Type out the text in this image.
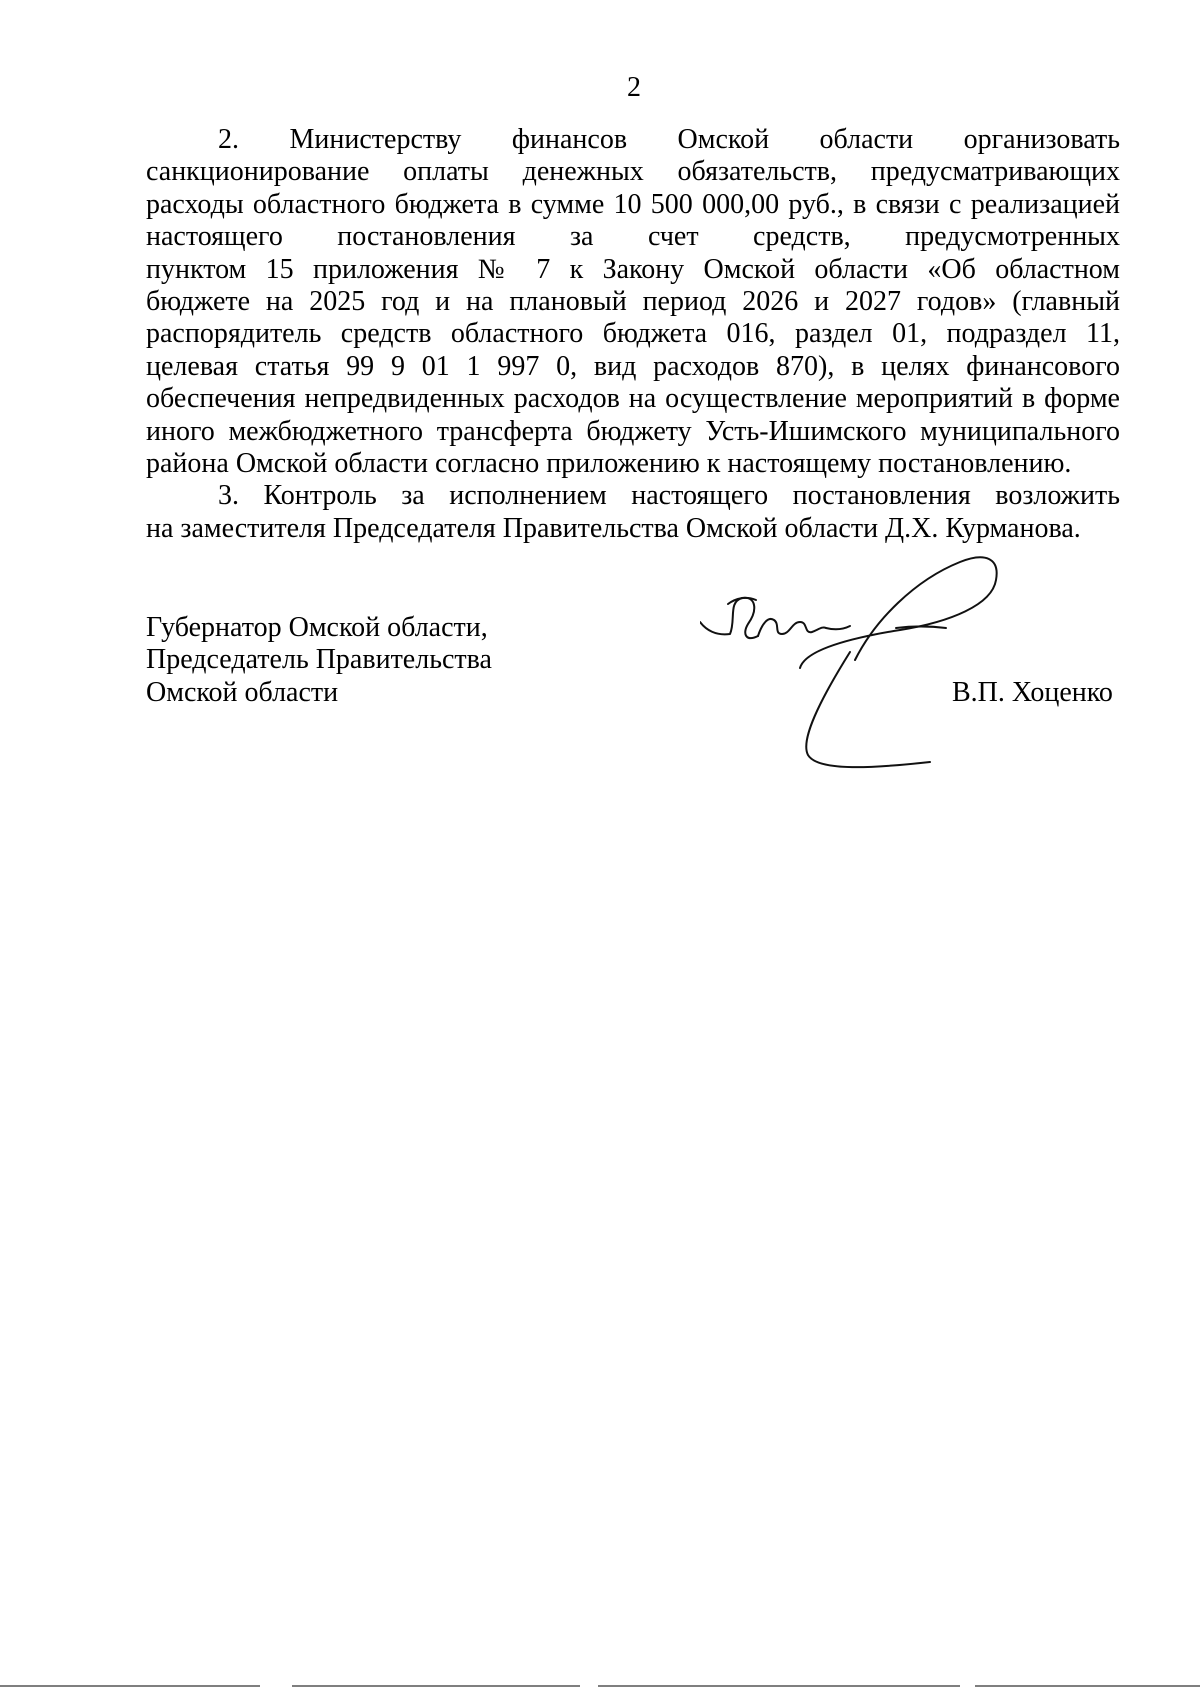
2
2. Министерству финансов Омской области организовать
санкционирование оплаты денежных обязательств, предусматривающих
расходы областного бюджета в сумме 10 500 000,00 руб., в связи с реализацией
настоящего постановления за счет средств, предусмотренных
пунктом 15 приложения № 7 к Закону Омской области «Об областном
бюджете на 2025 год и на плановый период 2026 и 2027 годов» (главный
распорядитель средств областного бюджета 016, раздел 01, подраздел 11,
целевая статья 99 9 01 1 997 0, вид расходов 870), в целях финансового
обеспечения непредвиденных расходов на осуществление мероприятий в форме
иного межбюджетного трансферта бюджету Усть-Ишимского муниципального
района Омской области согласно приложению к настоящему постановлению.
3. Контроль за исполнением настоящего постановления возложить
на заместителя Председателя Правительства Омской области Д.Х. Курманова.
Губернатор Омской области,
Председатель Правительства
Омской области	В.П. Хоценко
